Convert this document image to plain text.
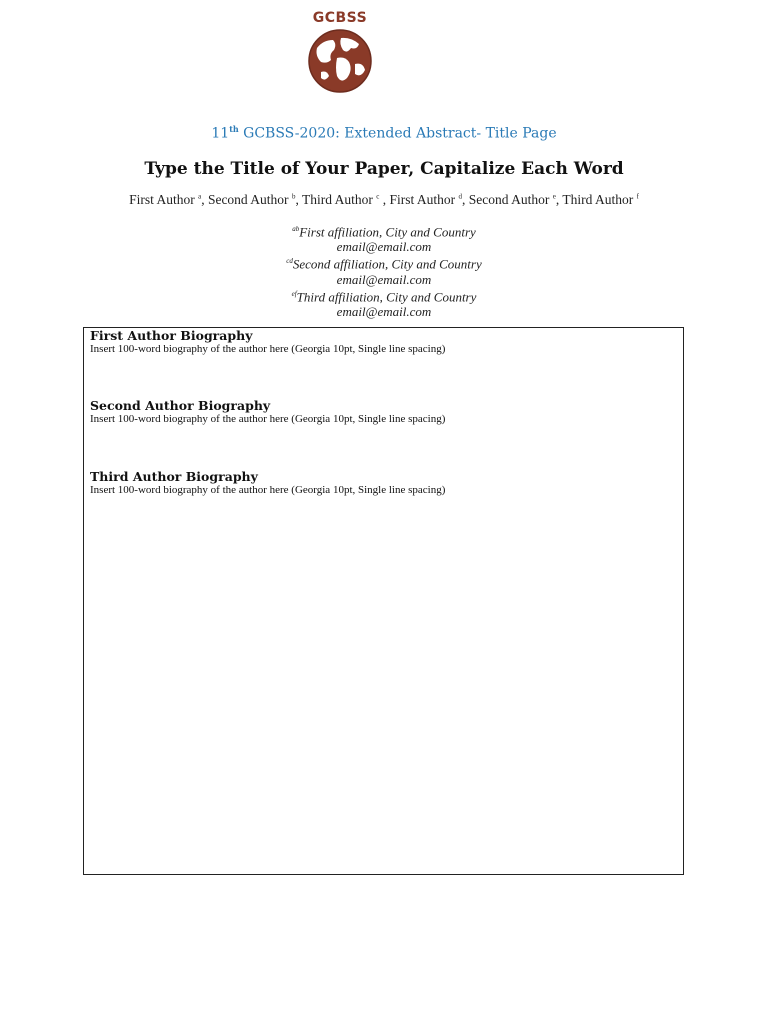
GCBSS
11th GCBSS-2020: Extended Abstract- Title Page
Type the Title of Your Paper, Capitalize Each Word
First Author $^a$, Second Author $^b$, Third Author $^c$ , First Author $^d$, Second Author $^e$, Third Author $^f$
$^{ab}$First affiliation, City and Country
email@email.com
$^{cd}$Second affiliation, City and Country
email@email.com
$^{ef}$Third affiliation, City and Country
email@email.com
First Author Biography
Insert 100-word biography of the author here (Georgia 10pt, Single line spacing)
Second Author Biography
Insert 100-word biography of the author here (Georgia 10pt, Single line spacing)
Third Author Biography
Insert 100-word biography of the author here (Georgia 10pt, Single line spacing)
